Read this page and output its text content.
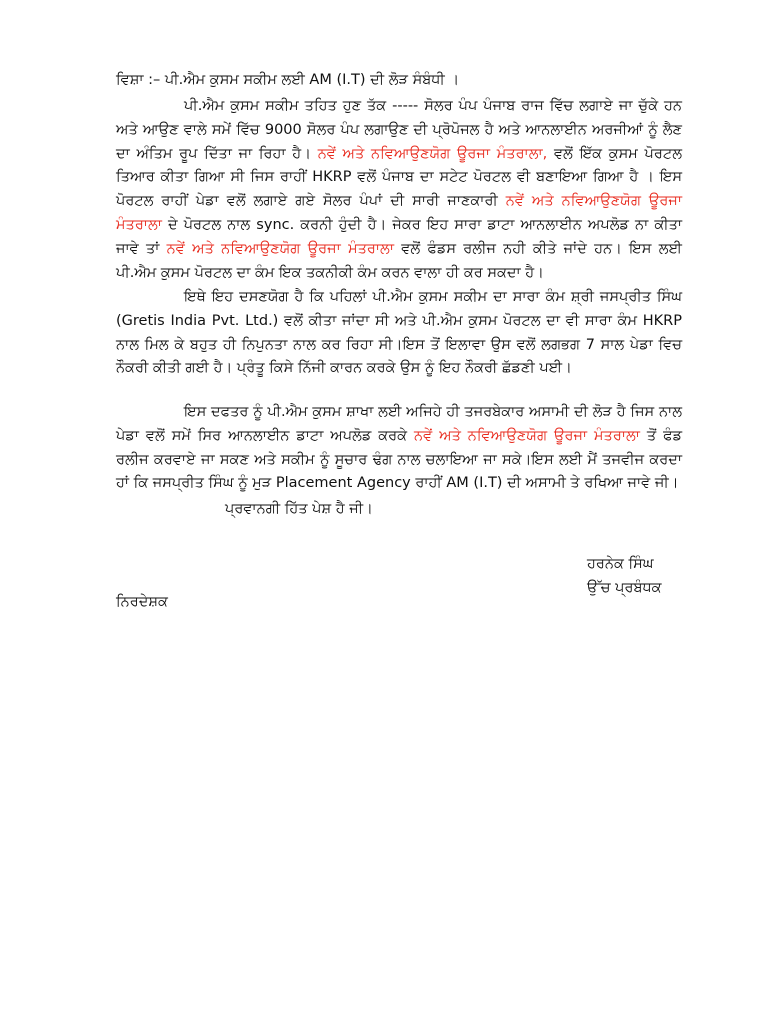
ਵਿਸ਼ਾ :– ਪੀ.ਐਮ ਕੁਸਮ ਸਕੀਮ ਲਈ AM (I.T) ਦੀ ਲੋੜ ਸੰਬੰਧੀ ।

ਪੀ.ਐਮ ਕੁਸਮ ਸਕੀਮ ਤਹਿਤ ਹੁਣ ਤੱਕ ----- ਸੋਲਰ ਪੰਪ ਪੰਜਾਬ ਰਾਜ ਵਿੱਚ ਲਗਾਏ ਜਾ ਚੁੱਕੇ ਹਨ ਅਤੇ ਆਉਣ ਵਾਲੇ ਸਮੇਂ ਵਿੱਚ 9000 ਸੋਲਰ ਪੰਪ ਲਗਾਉਣ ਦੀ ਪ੍ਰੋਪੋਜਲ ਹੈ ਅਤੇ ਆਨਲਾਈਨ ਅਰਜੀਆਂ ਨੂੰ ਲੈਣ ਦਾ ਅੰਤਿਮ ਰੂਪ ਦਿੱਤਾ ਜਾ ਰਿਹਾ ਹੈ। ਨਵੇਂ ਅਤੇ ਨਵਿਆਉਣਯੋਗ ਊਰਜਾ ਮੰਤਰਾਲਾ, ਵਲੋਂ ਇੱਕ ਕੁਸਮ ਪੋਰਟਲ ਤਿਆਰ ਕੀਤਾ ਗਿਆ ਸੀ ਜਿਸ ਰਾਹੀਂ HKRP ਵਲੋਂ ਪੰਜਾਬ ਦਾ ਸਟੇਟ ਪੋਰਟਲ ਵੀ ਬਣਾਇਆ ਗਿਆ ਹੈ । ਇਸ ਪੋਰਟਲ ਰਾਹੀਂ ਪੇਡਾ ਵਲੋਂ ਲਗਾਏ ਗਏ ਸੋਲਰ ਪੰਪਾਂ ਦੀ ਸਾਰੀ ਜਾਣਕਾਰੀ ਨਵੇਂ ਅਤੇ ਨਵਿਆਉਣਯੋਗ ਊਰਜਾ ਮੰਤਰਾਲਾ ਦੇ ਪੋਰਟਲ ਨਾਲ sync. ਕਰਨੀ ਹੁੰਦੀ ਹੈ। ਜੇਕਰ ਇਹ ਸਾਰਾ ਡਾਟਾ ਆਨਲਾਈਨ ਅਪਲੋਡ ਨਾ ਕੀਤਾ ਜਾਵੇ ਤਾਂ ਨਵੇਂ ਅਤੇ ਨਵਿਆਉਣਯੋਗ ਊਰਜਾ ਮੰਤਰਾਲਾ ਵਲੋਂ ਫੰਡਸ ਰਲੀਜ ਨਹੀ ਕੀਤੇ ਜਾਂਦੇ ਹਨ। ਇਸ ਲਈ ਪੀ.ਐਮ ਕੁਸਮ ਪੋਰਟਲ ਦਾ ਕੰਮ ਇਕ ਤਕਨੀਕੀ ਕੰਮ ਕਰਨ ਵਾਲਾ ਹੀ ਕਰ ਸਕਦਾ ਹੈ।

ਇਥੇ ਇਹ ਦਸਣਯੋਗ ਹੈ ਕਿ ਪਹਿਲਾਂ ਪੀ.ਐਮ ਕੁਸਮ ਸਕੀਮ ਦਾ ਸਾਰਾ ਕੰਮ ਸ਼੍ਰੀ ਜਸਪ੍ਰੀਤ ਸਿੰਘ (Gretis India Pvt. Ltd.) ਵਲੋਂ ਕੀਤਾ ਜਾਂਦਾ ਸੀ ਅਤੇ ਪੀ.ਐਮ ਕੁਸਮ ਪੋਰਟਲ ਦਾ ਵੀ ਸਾਰਾ ਕੰਮ HKRP ਨਾਲ ਮਿਲ ਕੇ ਬਹੁਤ ਹੀ ਨਿਪੁਨਤਾ ਨਾਲ ਕਰ ਰਿਹਾ ਸੀ।ਇਸ ਤੋਂ ਇਲਾਵਾ ਉਸ ਵਲੋਂ ਲਗਭਗ 7 ਸਾਲ ਪੇਡਾ ਵਿਚ ਨੌਕਰੀ ਕੀਤੀ ਗਈ ਹੈ। ਪ੍ਰੰਤੂ ਕਿਸੇ ਨਿੱਜੀ ਕਾਰਨ ਕਰਕੇ ਉਸ ਨੂੰ ਇਹ ਨੌਕਰੀ ਛੱਡਣੀ ਪਈ।

ਇਸ ਦਫਤਰ ਨੂੰ ਪੀ.ਐਮ ਕੁਸਮ ਸ਼ਾਖਾ ਲਈ ਅਜਿਹੇ ਹੀ ਤਜਰਬੇਕਾਰ ਅਸਾਮੀ ਦੀ ਲੋੜ ਹੈ ਜਿਸ ਨਾਲ ਪੇਡਾ ਵਲੋਂ ਸਮੇਂ ਸਿਰ ਆਨਲਾਈਨ ਡਾਟਾ ਅਪਲੋਡ ਕਰਕੇ ਨਵੇਂ ਅਤੇ ਨਵਿਆਉਣਯੋਗ ਊਰਜਾ ਮੰਤਰਾਲਾ ਤੋਂ ਫੰਡ ਰਲੀਜ ਕਰਵਾਏ ਜਾ ਸਕਣ ਅਤੇ ਸਕੀਮ ਨੂੰ ਸੂਚਾਰ ਢੰਗ ਨਾਲ ਚਲਾਇਆ ਜਾ ਸਕੇ।ਇਸ ਲਈ ਮੈਂ ਤਜਵੀਜ ਕਰਦਾ ਹਾਂ ਕਿ ਜਸਪ੍ਰੀਤ ਸਿੰਘ ਨੂੰ ਮੁੜ Placement Agency ਰਾਹੀਂ AM (I.T) ਦੀ ਅਸਾਮੀ ਤੇ ਰਖਿਆ ਜਾਵੇ ਜੀ।

ਪ੍ਰਵਾਨਗੀ ਹਿੱਤ ਪੇਸ਼ ਹੈ ਜੀ।
ਹਰਨੇਕ ਸਿੰਘ
ਉੱਚ ਪ੍ਰਬੰਧਕ
ਨਿਰਦੇਸ਼ਕ
